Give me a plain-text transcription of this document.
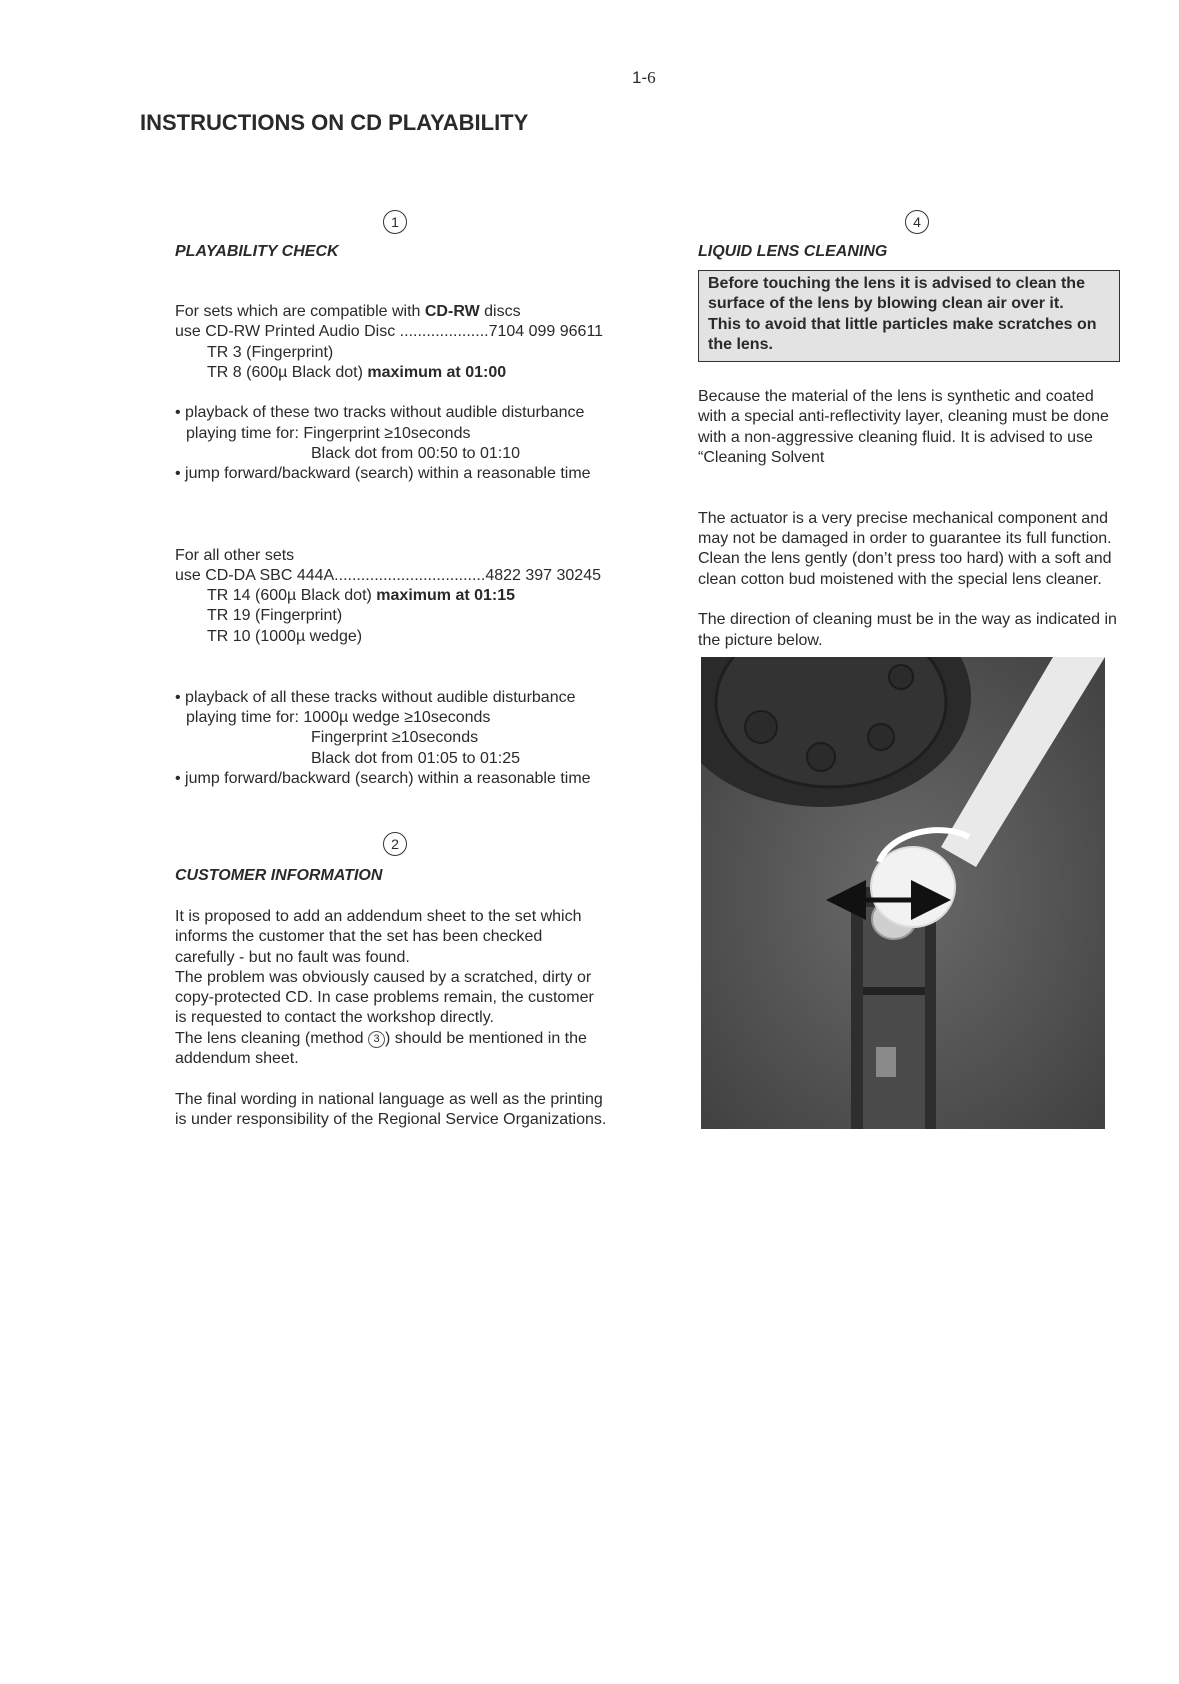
1-6
INSTRUCTIONS ON CD PLAYABILITY
1
PLAYABILITY CHECK
For sets which are compatible with CD-RW discs
use CD-RW Printed Audio Disc ....................7104 099 96611
TR 3 (Fingerprint)
TR 8 (600µ Black dot) maximum at 01:00
• playback of these two tracks without audible disturbance
playing time for: Fingerprint ≥10seconds
Black dot from 00:50 to 01:10
• jump forward/backward (search) within a reasonable time
For all other sets
use CD-DA SBC 444A..................................4822 397 30245
TR 14 (600µ Black dot) maximum at 01:15
TR 19 (Fingerprint)
TR 10 (1000µ wedge)
• playback of all these tracks without audible disturbance
playing time for: 1000µ wedge ≥10seconds
Fingerprint ≥10seconds
Black dot from 01:05 to 01:25
• jump forward/backward (search) within a reasonable time
2
CUSTOMER INFORMATION
It is proposed to add an addendum sheet to the set which
informs the customer that the set has been checked
carefully - but no fault was found.
The problem was obviously caused by a scratched, dirty or
copy-protected CD. In case problems remain, the customer
is requested to contact the workshop directly.
The lens cleaning (method 3 ) should be mentioned in the
addendum sheet.
The final wording in national language as well as the printing
is under responsibility of the Regional Service Organizations.
4
LIQUID LENS CLEANING
Before touching the lens it is advised to clean the
surface of the lens by blowing clean air over it.
This to avoid that little particles make scratches on
the lens.
Because the material of the lens is synthetic and coated
with a special anti-reflectivity layer, cleaning must be done
with a non-aggressive cleaning fluid. It is advised to use
“Cleaning Solvent
The actuator is a very precise mechanical component and
may not be damaged in order to guarantee its full function.
Clean the lens gently (don’t press too hard) with a soft and
clean cotton bud moistened with the special lens cleaner.
The direction of cleaning must be in the way as indicated in
the picture below.
